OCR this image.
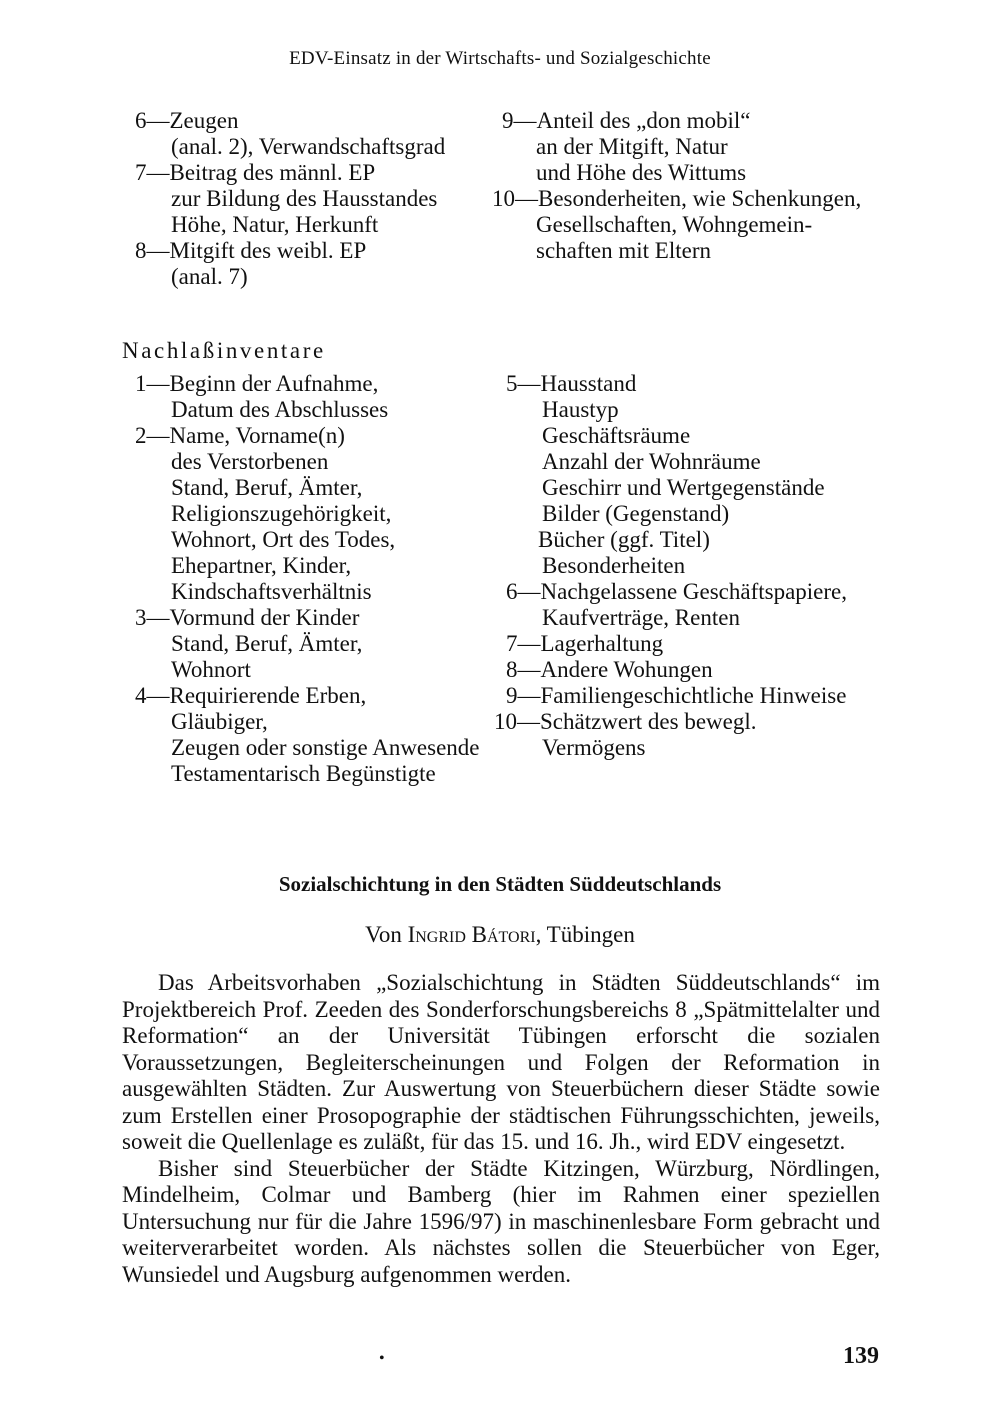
EDV-Einsatz in der Wirtschafts- und Sozialgeschichte
6—Zeugen
(anal. 2), Verwandschaftsgrad
7—Beitrag des männl. EP
zur Bildung des Hausstandes
Höhe, Natur, Herkunft
8—Mitgift des weibl. EP
(anal. 7)
9—Anteil des „don mobil“
an der Mitgift, Natur
und Höhe des Wittums
10—Besonderheiten, wie Schenkungen,
Gesellschaften, Wohngemein-
schaften mit Eltern
Nachlaßinventare
1—Beginn der Aufnahme,
Datum des Abschlusses
2—Name, Vorname(n)
des Verstorbenen
Stand, Beruf, Ämter,
Religionszugehörigkeit,
Wohnort, Ort des Todes,
Ehepartner, Kinder,
Kindschaftsverhältnis
3—Vormund der Kinder
Stand, Beruf, Ämter,
Wohnort
4—Requirierende Erben,
Gläubiger,
Zeugen oder sonstige Anwesende
Testamentarisch Begünstigte
5—Hausstand
Haustyp
Geschäftsräume
Anzahl der Wohnräume
Geschirr und Wertgegenstände
Bilder (Gegenstand)
Bücher (ggf. Titel)
Besonderheiten
6—Nachgelassene Geschäftspapiere,
Kaufverträge, Renten
7—Lagerhaltung
8—Andere Wohungen
9—Familiengeschichtliche Hinweise
10—Schätzwert des bewegl.
Vermögens
Sozialschichtung in den Städten Süddeutschlands
Von Ingrid Bátori, Tübingen

Das Arbeitsvorhaben „Sozialschichtung in Städten Süddeutschlands“ im Projektbereich Prof. Zeeden des Sonderforschungsbereichs 8 „Spätmittelalter und Reformation“ an der Universität Tübingen erforscht die sozialen Voraussetzungen, Begleiterscheinungen und Folgen der Reformation in ausgewählten Städten. Zur Auswertung von Steuerbüchern dieser Städte sowie zum Erstellen einer Prosopographie der städtischen Führungsschichten, jeweils, soweit die Quellenlage es zuläßt, für das 15. und 16. Jh., wird EDV eingesetzt.

Bisher sind Steuerbücher der Städte Kitzingen, Würzburg, Nördlingen, Mindelheim, Colmar und Bamberg (hier im Rahmen einer speziellen Untersuchung nur für die Jahre 1596/97) in maschinenlesbare Form gebracht und weiterverarbeitet worden. Als nächstes sollen die Steuerbücher von Eger, Wunsiedel und Augsburg aufgenommen werden.

•	139
